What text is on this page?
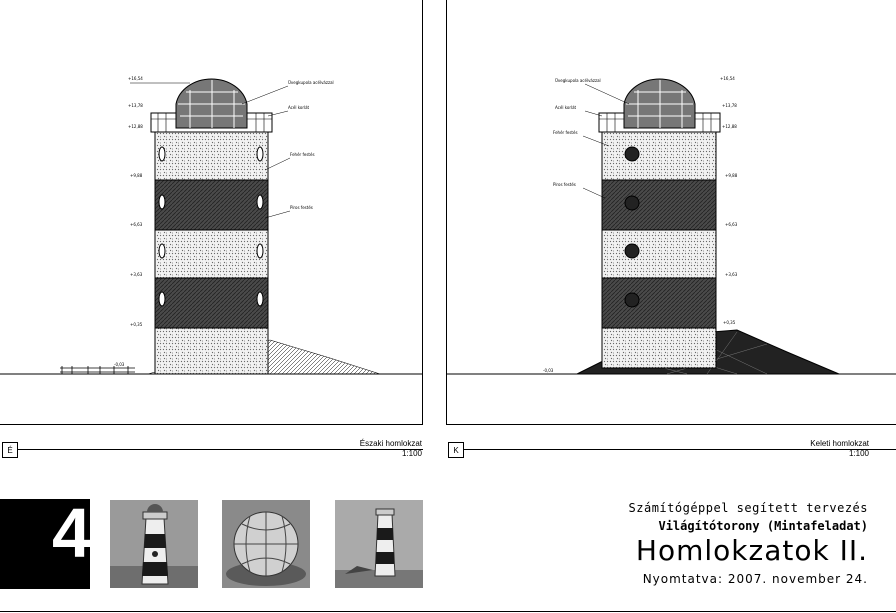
+16,54
+13,78
+12,88
+9,88
+6,63
+3,63
+0,35
-0,03
Üvegkupola acélvázzal
Acél korlát
Fehér festés
Piros festés
+16,54
+13,78
+12,88
+9,88
+6,63
+3,63
+0,35
-0,03
Üvegkupola acélvázzal
Acél korlát
Fehér festés
Piros festés
É
Északi homlokzat
1:100	K
Keleti homlokzat
1:100
4	Számítógéppel segített tervezés
Világítótorony (Mintafeladat)
Homlokzatok II.
Nyomtatva: 2007. november 24.
